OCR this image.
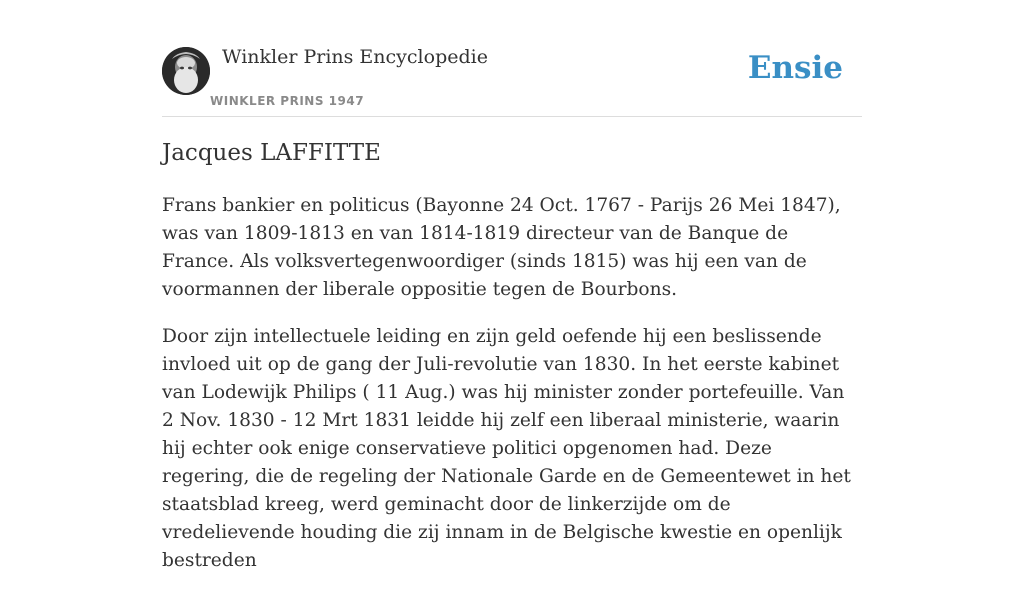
Winkler Prins Encyclopedie
WINKLER PRINS 1947
Ensie
Jacques LAFFITTE

Frans bankier en politicus (Bayonne 24 Oct. 1767 - Parijs 26 Mei 1847), was van 1809-1813 en van 1814-1819 directeur van de Banque de France. Als volksvertegenwoordiger (sinds 1815) was hij een van de voormannen der liberale oppositie tegen de Bourbons.

Door zijn intellectuele leiding en zijn geld oefende hij een beslissende invloed uit op de gang der Juli-revolutie van 1830. In het eerste kabinet van Lodewijk Philips ( 11 Aug.) was hij minister zonder portefeuille. Van 2 Nov. 1830 - 12 Mrt 1831 leidde hij zelf een liberaal ministerie, waarin hij echter ook enige conservatieve politici opgenomen had. Deze regering, die de regeling der Nationale Garde en de Gemeentewet in het staatsblad kreeg, werd geminacht door de linkerzijde om de vredelievende houding die zij innam in de Belgische kwestie en openlijk bestreden
